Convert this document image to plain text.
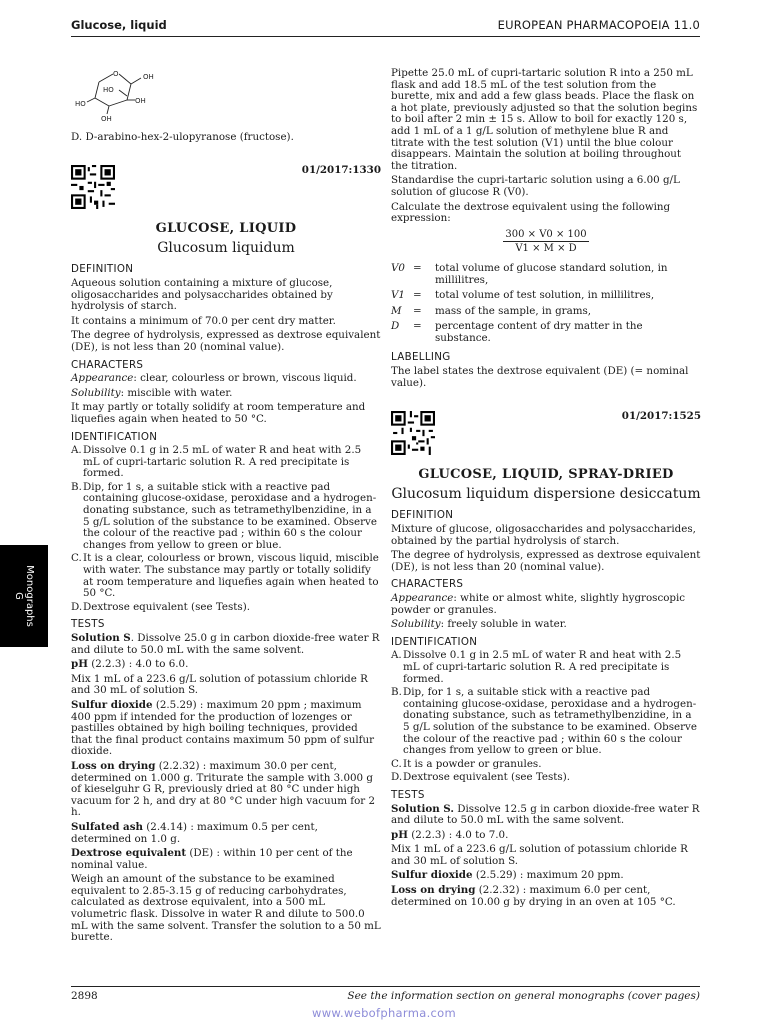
Glucose, liquid	EUROPEAN PHARMACOPOEIA 11.0
O	OH
HO
HO	OH
OH

D. D-arabino-hex-2-ulopyranose (fructose).

01/2017:1330

GLUCOSE, LIQUID
Glucosum liquidum
DEFINITION

Aqueous solution containing a mixture of glucose, oligosaccharides and polysaccharides obtained by hydrolysis of starch.

It contains a minimum of 70.0 per cent dry matter.

The degree of hydrolysis, expressed as dextrose equivalent (DE), is not less than 20 (nominal value).

CHARACTERS

Appearance: clear, colourless or brown, viscous liquid.

Solubility: miscible with water.

It may partly or totally solidify at room temperature and liquefies again when heated to 50 °C.

IDENTIFICATION
A. Dissolve 0.1 g in 2.5 mL of water R and heat with 2.5 mL of cupri-tartaric solution R. A red precipitate is formed.
B. Dip, for 1 s, a suitable stick with a reactive pad containing glucose-oxidase, peroxidase and a hydrogen-donating substance, such as tetramethylbenzidine, in a 5 g/L solution of the substance to be examined. Observe the colour of the reactive pad ; within 60 s the colour changes from yellow to green or blue.
C. It is a clear, colourless or brown, viscous liquid, miscible with water. The substance may partly or totally solidify at room temperature and liquefies again when heated to 50 °C.
D. Dextrose equivalent (see Tests).
TESTS

Solution S. Dissolve 25.0 g in carbon dioxide-free water R and dilute to 50.0 mL with the same solvent.

pH (2.2.3) : 4.0 to 6.0.

Mix 1 mL of a 223.6 g/L solution of potassium chloride R and 30 mL of solution S.

Sulfur dioxide (2.5.29) : maximum 20 ppm ; maximum 400 ppm if intended for the production of lozenges or pastilles obtained by high boiling techniques, provided that the final product contains maximum 50 ppm of sulfur dioxide.

Loss on drying (2.2.32) : maximum 30.0 per cent, determined on 1.000 g. Triturate the sample with 3.000 g of kieselguhr G R, previously dried at 80 °C under high vacuum for 2 h, and dry at 80 °C under high vacuum for 2 h.

Sulfated ash (2.4.14) : maximum 0.5 per cent, determined on 1.0 g.

Dextrose equivalent (DE) : within 10 per cent of the nominal value.

Weigh an amount of the substance to be examined equivalent to 2.85-3.15 g of reducing carbohydrates, calculated as dextrose equivalent, into a 500 mL volumetric flask. Dissolve in water R and dilute to 500.0 mL with the same solvent. Transfer the solution to a 50 mL burette.

Pipette 25.0 mL of cupri-tartaric solution R into a 250 mL flask and add 18.5 mL of the test solution from the burette, mix and add a few glass beads. Place the flask on a hot plate, previously adjusted so that the solution begins to boil after 2 min ± 15 s. Allow to boil for exactly 120 s, add 1 mL of a 1 g/L solution of methylene blue R and titrate with the test solution (V1) until the blue colour disappears. Maintain the solution at boiling throughout the titration.

Standardise the cupri-tartaric solution using a 6.00 g/L solution of glucose R (V0).

Calculate the dextrose equivalent using the following expression:

$\frac{300 \times V0 \times 100}{V1 \times M \times D}$
V0 =	total volume of glucose standard solution, in millilitres,
V1 =	total volume of test solution, in millilitres,
M	=	mass of the sample, in grams,
D	=	percentage content of dry matter in the substance.
LABELLING

The label states the dextrose equivalent (DE) (= nominal value).

01/2017:1525

GLUCOSE, LIQUID, SPRAY-DRIED
Glucosum liquidum dispersione desiccatum
DEFINITION

Mixture of glucose, oligosaccharides and polysaccharides, obtained by the partial hydrolysis of starch.

The degree of hydrolysis, expressed as dextrose equivalent (DE), is not less than 20 (nominal value).

CHARACTERS

Appearance: white or almost white, slightly hygroscopic powder or granules.

Solubility: freely soluble in water.

IDENTIFICATION
A. Dissolve 0.1 g in 2.5 mL of water R and heat with 2.5 mL of cupri-tartaric solution R. A red precipitate is formed.
B. Dip, for 1 s, a suitable stick with a reactive pad containing glucose-oxidase, peroxidase and a hydrogen-donating substance, such as tetramethylbenzidine, in a 5 g/L solution of the substance to be examined. Observe the colour of the reactive pad ; within 60 s the colour changes from yellow to green or blue.
C. It is a powder or granules.
D. Dextrose equivalent (see Tests).
TESTS

Solution S. Dissolve 12.5 g in carbon dioxide-free water R and dilute to 50.0 mL with the same solvent.

pH (2.2.3) : 4.0 to 7.0.

Mix 1 mL of a 223.6 g/L solution of potassium chloride R and 30 mL of solution S.

Sulfur dioxide (2.5.29) : maximum 20 ppm.

Loss on drying (2.2.32) : maximum 6.0 per cent, determined on 10.00 g by drying in an oven at 105 °C.

Monographs
G
2898	See the information section on general monographs (cover pages)
www.webofpharma.com
